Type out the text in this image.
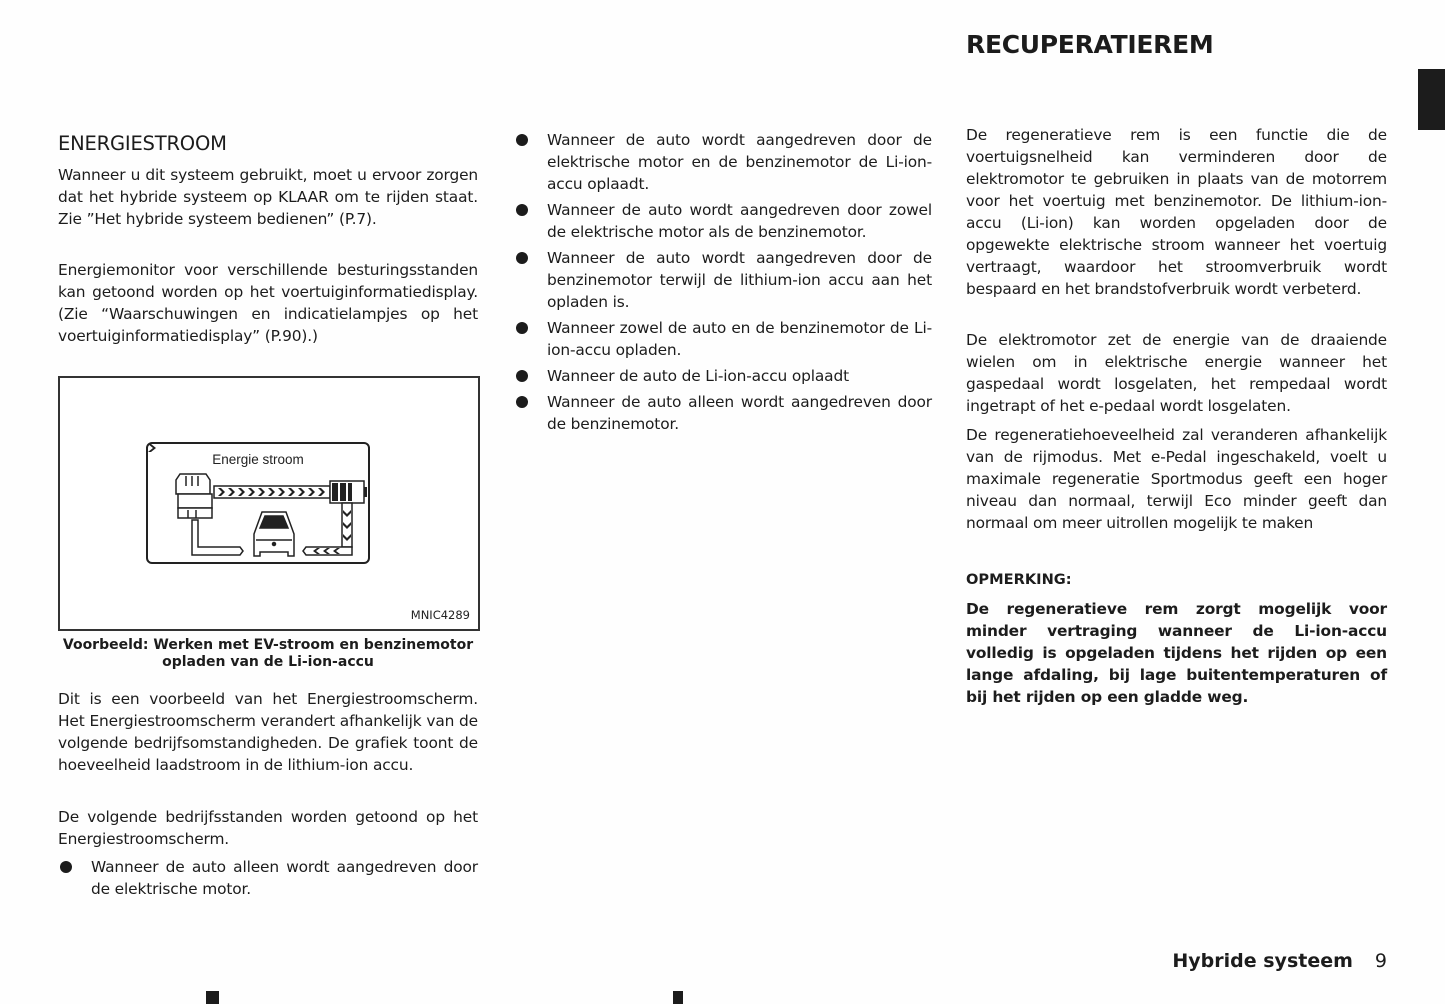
RECUPERATIEREM
ENERGIESTROOM

Wanneer u dit systeem gebruikt, moet u ervoor zorgen dat het hybride systeem op KLAAR om te rijden staat. Zie ”Het hybride systeem bedienen” (P.7).

Energiemonitor voor verschillende besturingsstanden kan getoond worden op het voertuiginformatiedisplay. (Zie “Waarschuwingen en indicatielampjes op het voertuiginformatiedisplay” (P.90).)

Energie stroom
MNIC4289

Voorbeeld: Werken met EV-stroom en benzinemotor opladen van de Li-ion-accu

Dit is een voorbeeld van het Energiestroomscherm. Het Energiestroomscherm verandert afhankelijk van de volgende bedrijfsomstandigheden. De grafiek toont de hoeveelheid laadstroom in de lithium-ion accu.

De volgende bedrijfsstanden worden getoond op het Energiestroomscherm.

Wanneer de auto alleen wordt aangedreven door de elektrische motor.

Wanneer de auto wordt aangedreven door de elektrische motor en de benzinemotor de Li-ion-accu oplaadt.

Wanneer de auto wordt aangedreven door zowel de elektrische motor als de benzinemotor.

Wanneer de auto wordt aangedreven door de benzinemotor terwijl de lithium-ion accu aan het opladen is.

Wanneer zowel de auto en de benzinemotor de Li-ion-accu opladen.

Wanneer de auto de Li-ion-accu oplaadt

Wanneer de auto alleen wordt aangedreven door de benzinemotor.

De regeneratieve rem is een functie die de voertuigsnelheid kan verminderen door de elektromotor te gebruiken in plaats van de motorrem voor het voertuig met benzinemotor. De lithium-ion-accu (Li-ion) kan worden opgeladen door de opgewekte elektrische stroom wanneer het voertuig vertraagt, waardoor het stroomverbruik wordt bespaard en het brandstofverbruik wordt verbeterd.

De elektromotor zet de energie van de draaiende wielen om in elektrische energie wanneer het gaspedaal wordt losgelaten, het rempedaal wordt ingetrapt of het e-pedaal wordt losgelaten.

De regeneratiehoeveelheid zal veranderen afhankelijk van de rijmodus. Met e-Pedal ingeschakeld, voelt u maximale regeneratie Sportmodus geeft een hoger niveau dan normaal, terwijl Eco minder geeft dan normaal om meer uitrollen mogelijk te maken

OPMERKING:

De regeneratieve rem zorgt mogelijk voor minder vertraging wanneer de Li-ion-accu volledig is opgeladen tijdens het rijden op een lange afdaling, bij lage buitentemperaturen of bij het rijden op een gladde weg.

Hybride systeem 9
